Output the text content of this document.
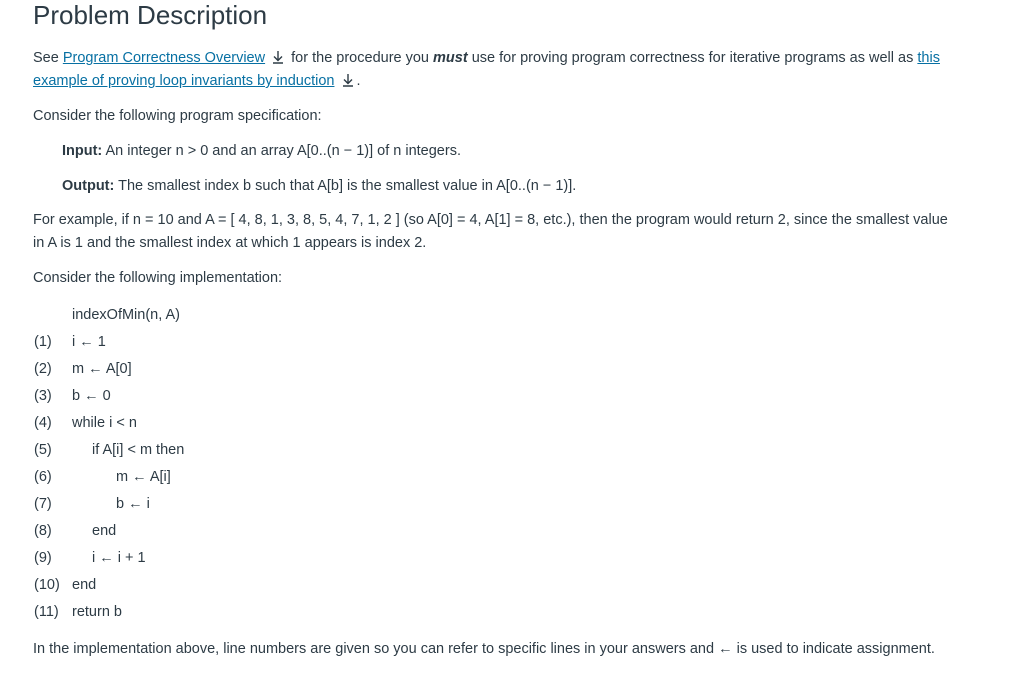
Problem Description
See Program Correctness Overview for the procedure you must use for proving program correctness for iterative programs as well as this
example of proving loop invariants by induction .
Consider the following program specification:
Input: An integer n > 0 and an array A[0..(n − 1)] of n integers.
Output: The smallest index b such that A[b] is the smallest value in A[0..(n − 1)].
For example, if n = 10 and A = [ 4, 8, 1, 3, 8, 5, 4, 7, 1, 2 ] (so A[0] = 4, A[1] = 8, etc.), then the program would return 2, since the smallest value
in A is 1 and the smallest index at which 1 appears is index 2.
Consider the following implementation:
indexOfMin(n, A)
(1)	i ← 1
(2)	m ← A[0]
(3)	b ← 0
(4)	while i < n
(5)	if A[i] < m then
(6)	m ← A[i]
(7)	b ← i
(8)	end
(9)	i ← i + 1
(10) end
(11) return b
In the implementation above, line numbers are given so you can refer to specific lines in your answers and ← is used to indicate assignment.
